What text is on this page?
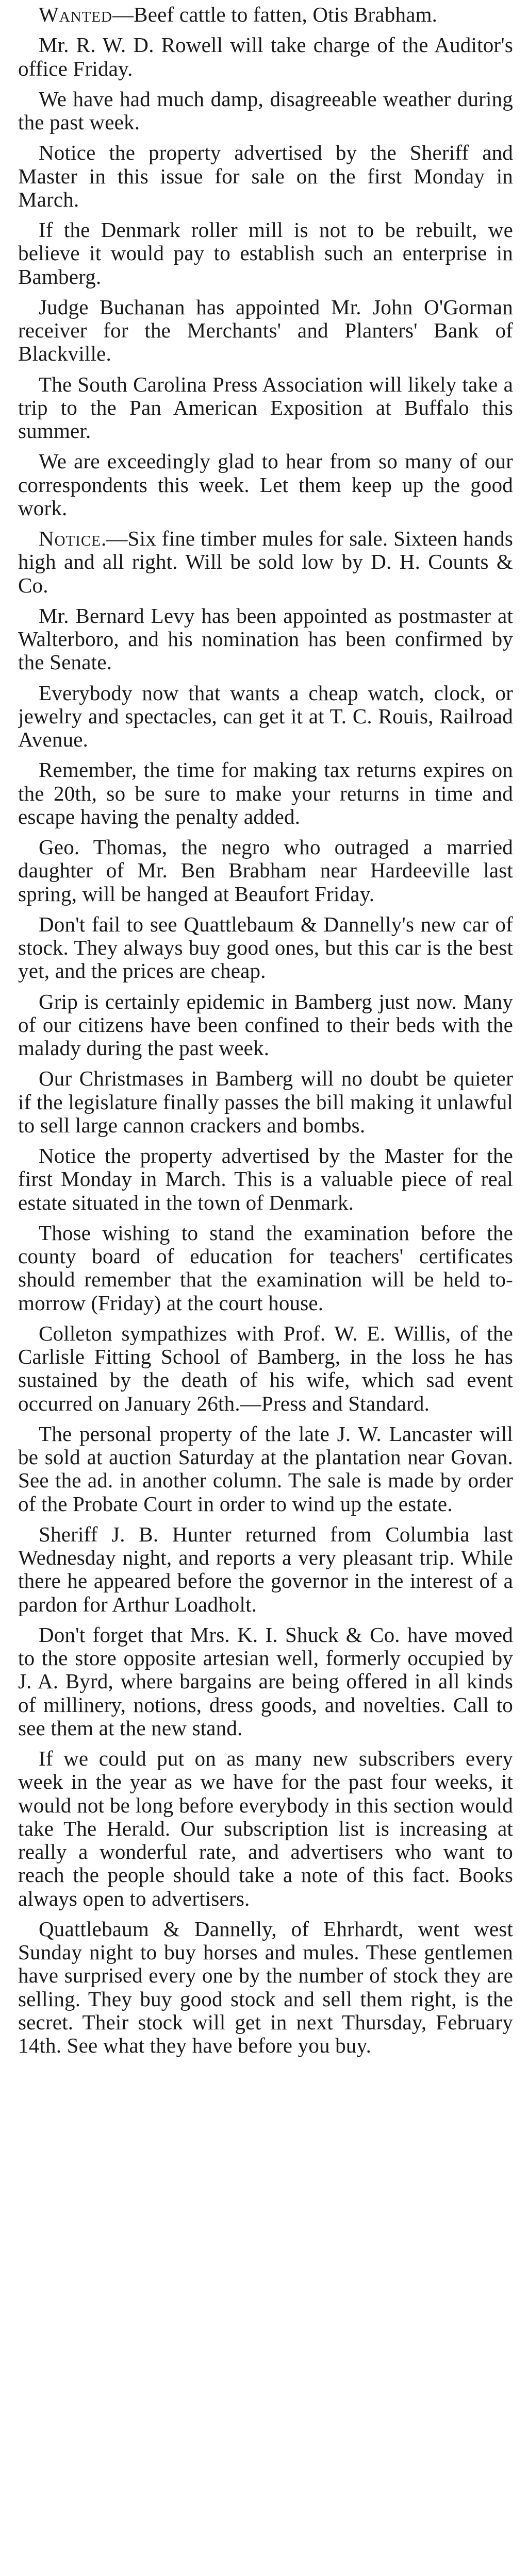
Wanted—Beef cattle to fatten, Otis Brabham.

Mr. R. W. D. Rowell will take charge of the Auditor's office Friday.

We have had much damp, disagreeable weather during the past week.

Notice the property advertised by the Sheriff and Master in this issue for sale on the first Monday in March.

If the Denmark roller mill is not to be rebuilt, we believe it would pay to establish such an enterprise in Bamberg.

Judge Buchanan has appointed Mr. John O'Gorman receiver for the Merchants' and Planters' Bank of Blackville.

The South Carolina Press Association will likely take a trip to the Pan American Exposition at Buffalo this summer.

We are exceedingly glad to hear from so many of our correspondents this week. Let them keep up the good work.

Notice.—Six fine timber mules for sale. Sixteen hands high and all right. Will be sold low by D. H. Counts & Co.

Mr. Bernard Levy has been appointed as postmaster at Walterboro, and his nomination has been confirmed by the Senate.

Everybody now that wants a cheap watch, clock, or jewelry and spectacles, can get it at T. C. Rouis, Railroad Avenue.

Remember, the time for making tax returns expires on the 20th, so be sure to make your returns in time and escape having the penalty added.

Geo. Thomas, the negro who outraged a married daughter of Mr. Ben Brabham near Hardeeville last spring, will be hanged at Beaufort Friday.

Don't fail to see Quattlebaum & Dannelly's new car of stock. They always buy good ones, but this car is the best yet, and the prices are cheap.

Grip is certainly epidemic in Bamberg just now. Many of our citizens have been confined to their beds with the malady during the past week.

Our Christmases in Bamberg will no doubt be quieter if the legislature finally passes the bill making it unlawful to sell large cannon crackers and bombs.

Notice the property advertised by the Master for the first Monday in March. This is a valuable piece of real estate situated in the town of Denmark.

Those wishing to stand the examination before the county board of education for teachers' certificates should remember that the examination will be held to-morrow (Friday) at the court house.

Colleton sympathizes with Prof. W. E. Willis, of the Carlisle Fitting School of Bamberg, in the loss he has sustained by the death of his wife, which sad event occurred on January 26th.—Press and Standard.

The personal property of the late J. W. Lancaster will be sold at auction Saturday at the plantation near Govan. See the ad. in another column. The sale is made by order of the Probate Court in order to wind up the estate.

Sheriff J. B. Hunter returned from Columbia last Wednesday night, and reports a very pleasant trip. While there he appeared before the governor in the interest of a pardon for Arthur Loadholt.

Don't forget that Mrs. K. I. Shuck & Co. have moved to the store opposite artesian well, formerly occupied by J. A. Byrd, where bargains are being offered in all kinds of millinery, notions, dress goods, and novelties. Call to see them at the new stand.

If we could put on as many new subscribers every week in the year as we have for the past four weeks, it would not be long before everybody in this section would take The Herald. Our subscription list is increasing at really a wonderful rate, and advertisers who want to reach the people should take a note of this fact. Books always open to advertisers.

Quattlebaum & Dannelly, of Ehrhardt, went west Sunday night to buy horses and mules. These gentlemen have surprised every one by the number of stock they are selling. They buy good stock and sell them right, is the secret. Their stock will get in next Thursday, February 14th. See what they have before you buy.
